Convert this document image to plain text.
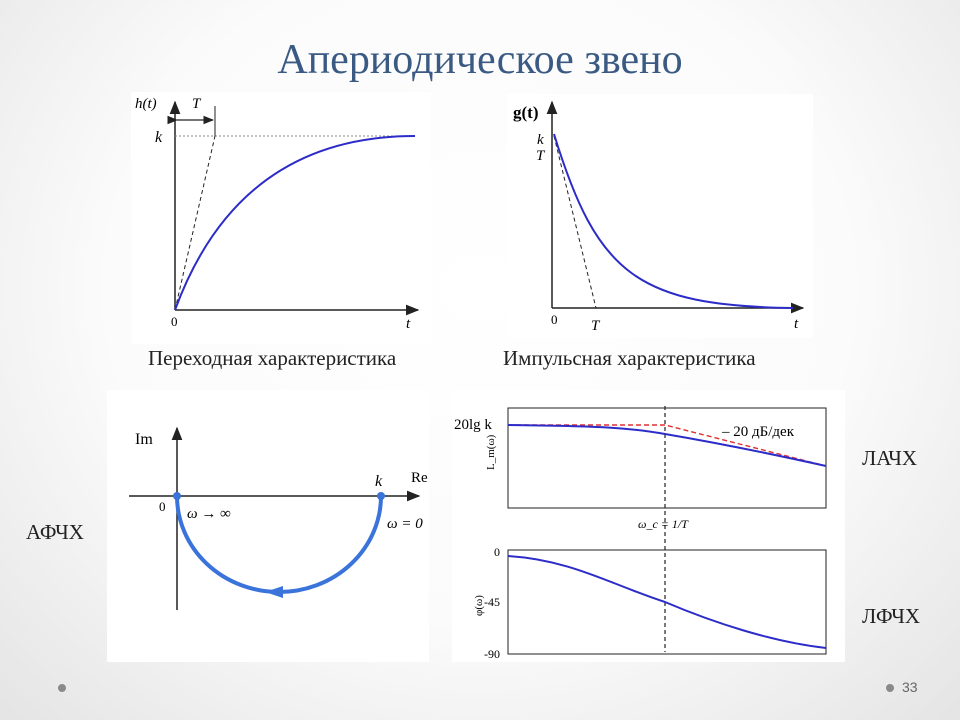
Апериодическое звено
h(t) T
k
0	t
g(t)
k
T
0 T	t
Переходная характеристика	Импульсная характеристика
Im
Re
0
k
ω → ∞
ω = 0
20lg k	– 20 дБ/дек
L_m(ω)
ω_c = 1/T
0
-45
-90
φ(ω)
АФЧХ
ЛАЧХ
ЛФЧХ
33
